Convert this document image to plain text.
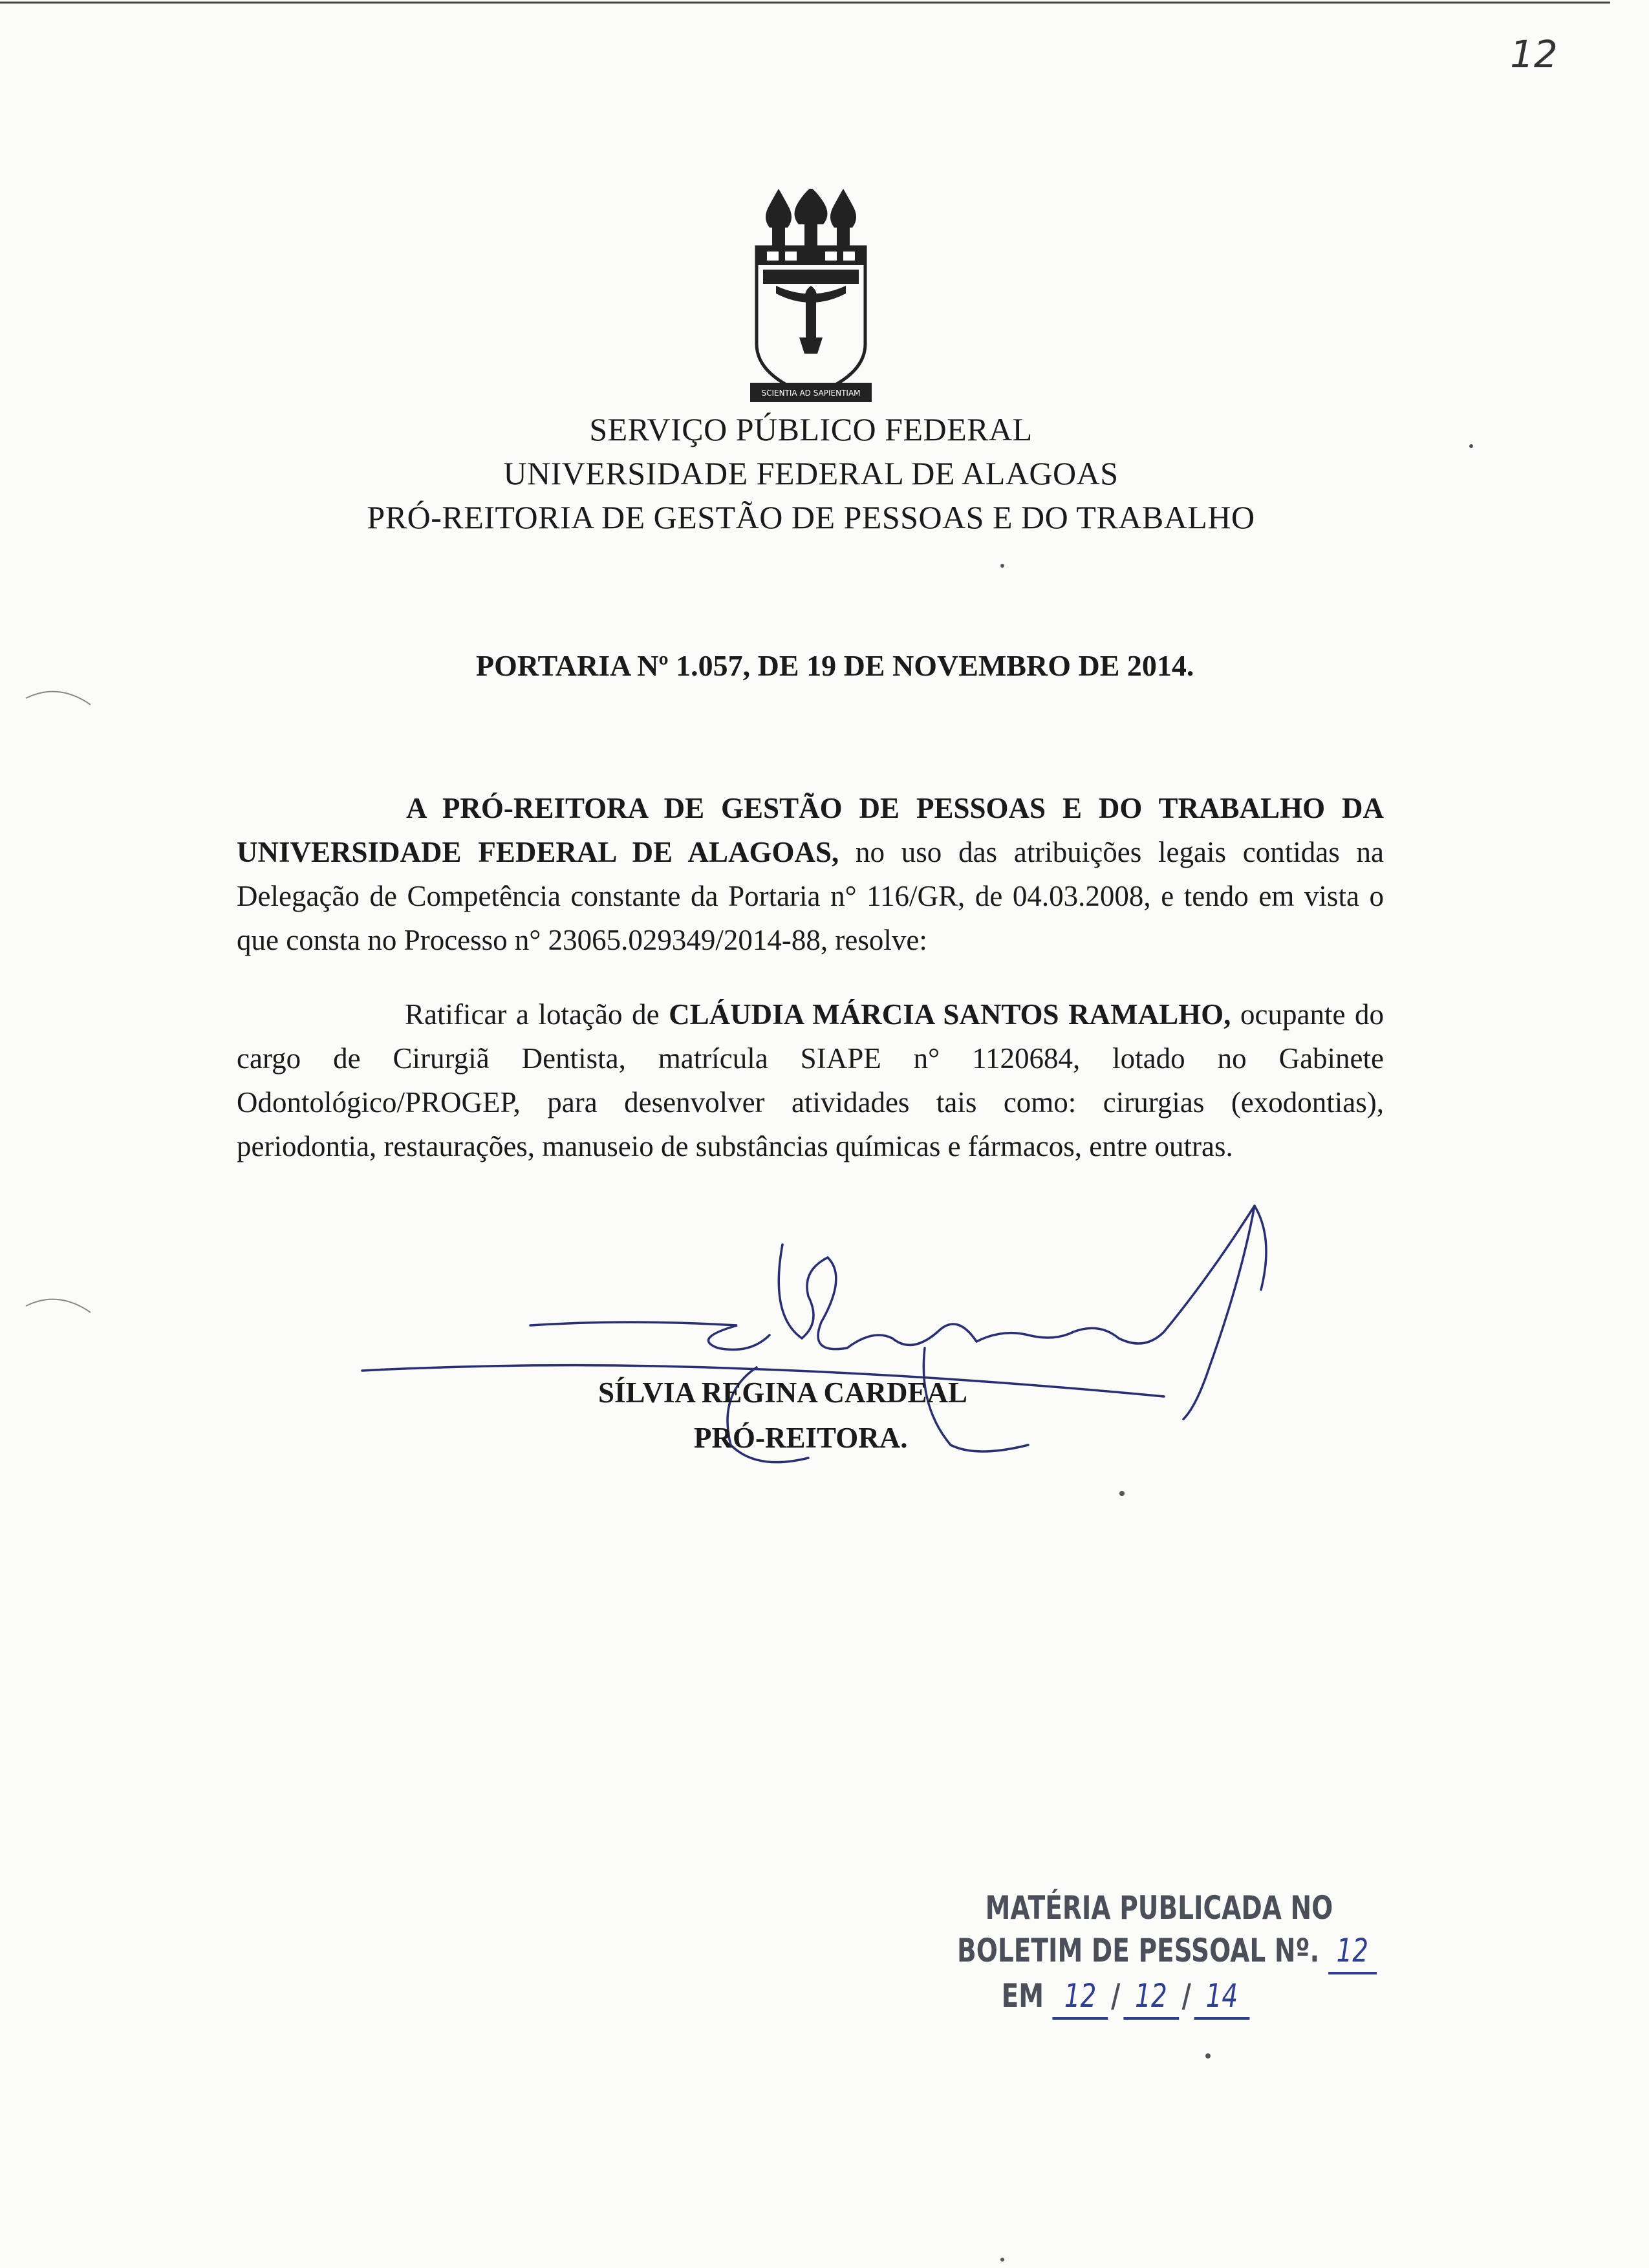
12
SCIENTIA AD SAPIENTIAM
SERVIÇO PÚBLICO FEDERAL
UNIVERSIDADE FEDERAL DE ALAGOAS
PRÓ-REITORIA DE GESTÃO DE PESSOAS E DO TRABALHO
PORTARIA Nº 1.057, DE 19 DE NOVEMBRO DE 2014.
A PRÓ-REITORA DE GESTÃO DE PESSOAS E DO TRABALHO DA UNIVERSIDADE FEDERAL DE ALAGOAS, no uso das atribuições legais contidas na Delegação de Competência constante da Portaria n° 116/GR, de 04.03.2008, e tendo em vista o que consta no Processo n° 23065.029349/2014-88, resolve:
Ratificar a lotação de CLÁUDIA MÁRCIA SANTOS RAMALHO, ocupante do cargo de Cirurgiã Dentista, matrícula SIAPE n° 1120684, lotado no Gabinete Odontológico/PROGEP, para desenvolver atividades tais como: cirurgias (exodontias), periodontia, restaurações, manuseio de substâncias químicas e fármacos, entre outras.
SÍLVIA REGINA CARDEAL
PRÓ-REITORA.
MATÉRIA PUBLICADA NO
BOLETIM DE PESSOAL Nº. 12
EM 12 / 12 / 14
